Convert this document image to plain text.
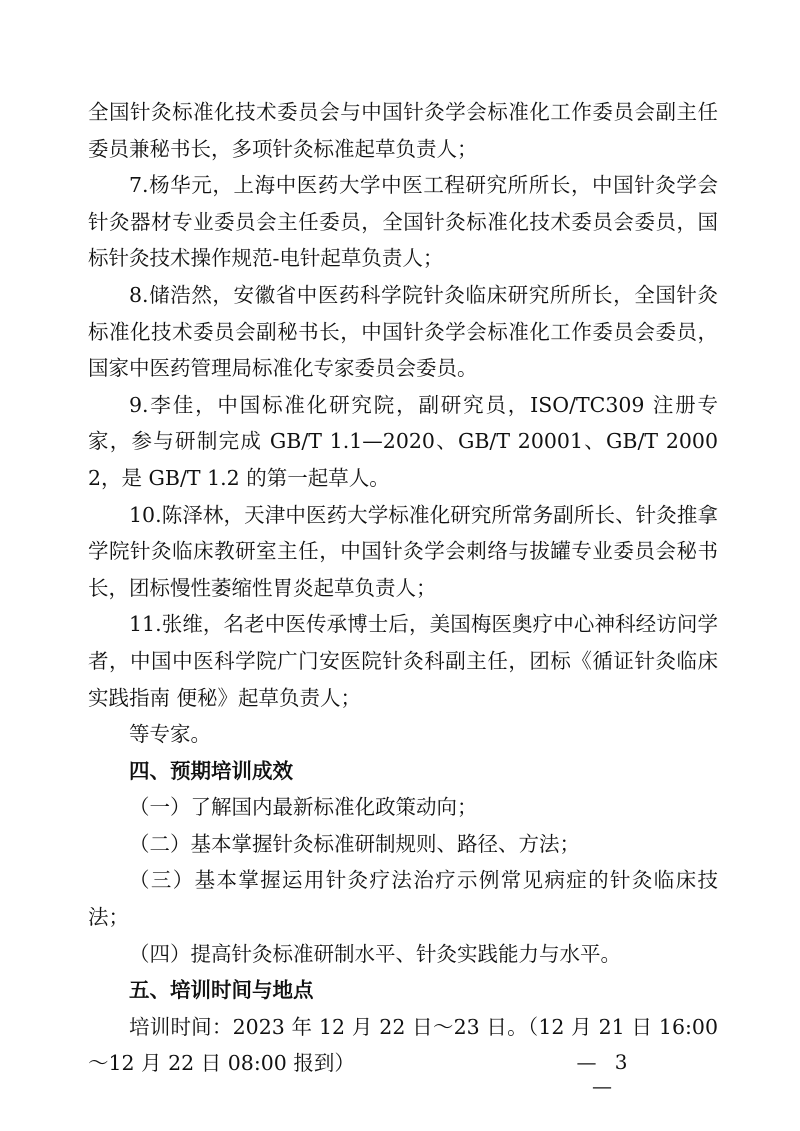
全国针灸标准化技术委员会与中国针灸学会标准化工作委员会副主任委员兼秘书长，多项针灸标准起草负责人；

7.杨华元，上海中医药大学中医工程研究所所长，中国针灸学会针灸器材专业委员会主任委员，全国针灸标准化技术委员会委员，国标针灸技术操作规范-电针起草负责人；

8.储浩然，安徽省中医药科学院针灸临床研究所所长，全国针灸标准化技术委员会副秘书长，中国针灸学会标准化工作委员会委员，国家中医药管理局标准化专家委员会委员。

9.李佳，中国标准化研究院，副研究员，ISO/TC309 注册专家，参与研制完成 GB/T 1.1—2020、GB/T 20001、GB/T 20002，是 GB/T 1.2 的第一起草人。

10.陈泽林，天津中医药大学标准化研究所常务副所长、针灸推拿学院针灸临床教研室主任，中国针灸学会刺络与拔罐专业委员会秘书长，团标慢性萎缩性胃炎起草负责人；

11.张维，名老中医传承博士后，美国梅医奥疗中心神科经访问学者，中国中医科学院广门安医院针灸科副主任，团标《循证针灸临床实践指南 便秘》起草负责人；

等专家。

四、预期培训成效

（一）了解国内最新标准化政策动向；

（二）基本掌握针灸标准研制规则、路径、方法；

（三）基本掌握运用针灸疗法治疗示例常见病症的针灸临床技法；

（四）提高针灸标准研制水平、针灸实践能力与水平。

五、培训时间与地点

培训时间：2023 年 12 月 22 日～23 日。（12 月 21 日 16:00～12 月 22 日 08:00 报到）	— 3 —
